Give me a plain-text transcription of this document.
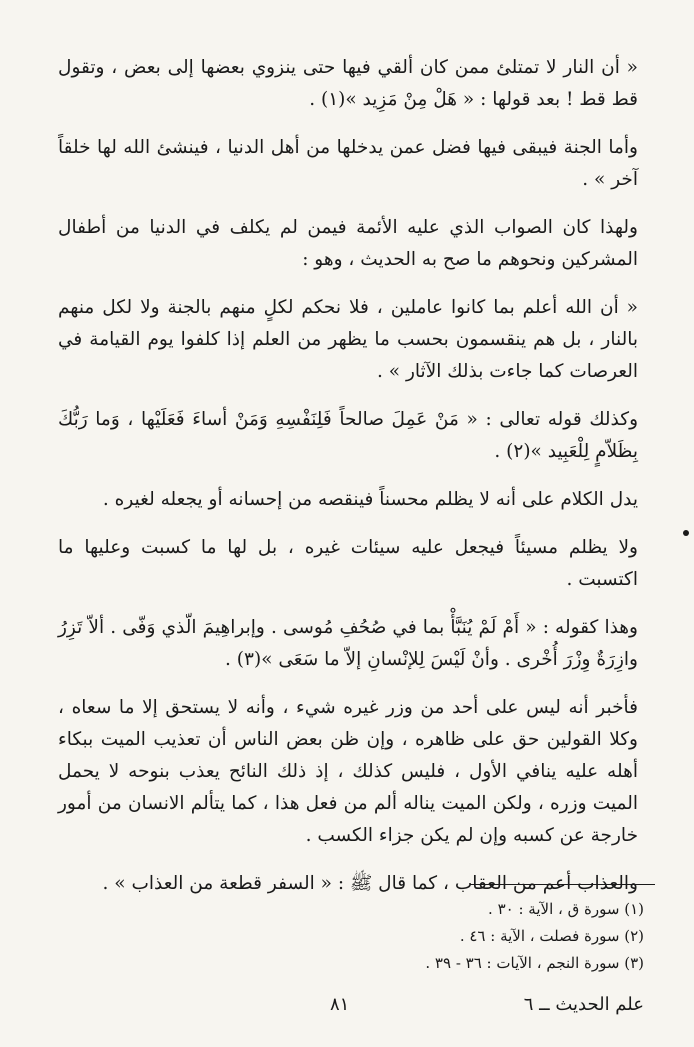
« أن النار لا تمتلئ ممن كان ألقي فيها حتى ينزوي بعضها إلى بعض ، وتقول قط قط ! بعد قولها : « هَلْ مِنْ مَزِيد »(١) .

وأما الجنة فيبقى فيها فضل عمن يدخلها من أهل الدنيا ، فينشئ الله لها خلقاً آخر » .

ولهذا كان الصواب الذي عليه الأئمة فيمن لم يكلف في الدنيا من أطفال المشركين ونحوهم ما صح به الحديث ، وهو :

« أن الله أعلم بما كانوا عاملين ، فلا نحكم لكلٍ منهم بالجنة ولا لكل منهم بالنار ، بل هم ينقسمون بحسب ما يظهر من العلم إذا كلفوا يوم القيامة في العرصات كما جاءت بذلك الآثار » .

وكذلك قوله تعالى : « مَنْ عَمِلَ صالحاً فَلِنَفْسِهِ وَمَنْ أساءَ فَعَلَيْها ، وَما رَبُّكَ بِظَلاّمٍ لِلْعَبِيد »(٢) .

يدل الكلام على أنه لا يظلم محسناً فينقصه من إحسانه أو يجعله لغيره .

ولا يظلم مسيئاً فيجعل عليه سيئات غيره ، بل لها ما كسبت وعليها ما اكتسبت .

وهذا كقوله : « أَمْ لَمْ يُنَبَّأْ بما في صُحُفِ مُوسى . وإبراهِيمَ الّذي وَفّى . ألاّ تَزِرُ وازِرَةٌ وِزْرَ أُخْرى . وأنْ لَيْسَ لِلإنْسانِ إلاّ ما سَعَى »(٣) .

فأخبر أنه ليس على أحد من وزر غيره شيء ، وأنه لا يستحق إلا ما سعاه ، وكلا القولين حق على ظاهره ، وإن ظن بعض الناس أن تعذيب الميت ببكاء أهله عليه ينافي الأول ، فليس كذلك ، إذ ذلك النائح يعذب بنوحه لا يحمل الميت وزره ، ولكن الميت يناله ألم من فعل هذا ، كما يتألم الانسان من أمور خارجة عن كسبه وإن لم يكن جزاء الكسب .

والعذاب أعم من العقاب ، كما قال ﷺ : « السفر قطعة من العذاب » .

(١) سورة ق ، الآية : ٣٠ .
(٢) سورة فصلت ، الآية : ٤٦ .
(٣) سورة النجم ، الآيات : ٣٦ - ٣٩ .
علم الحديث ــ ٦
٨١
